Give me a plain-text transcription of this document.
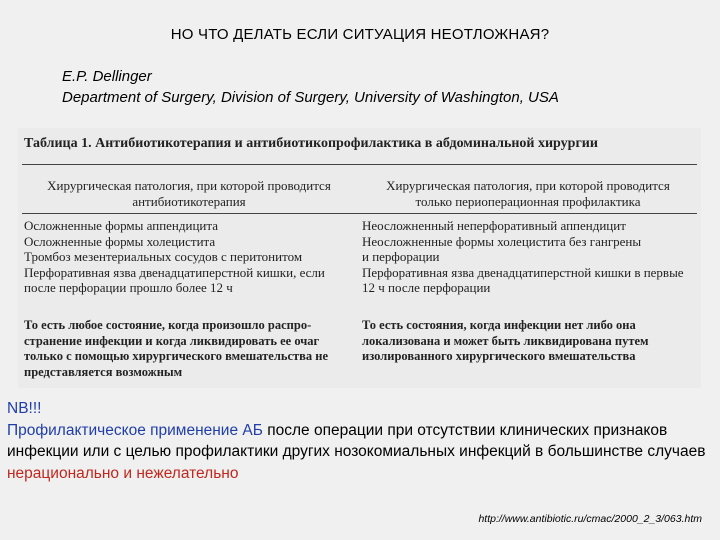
НО ЧТО ДЕЛАТЬ ЕСЛИ СИТУАЦИЯ НЕОТЛОЖНАЯ?
E.P. Dellinger
Department of Surgery, Division of Surgery, University of Washington, USA
Таблица 1. Антибиотикотерапия и антибиотикопрофилактика в абдоминальной хирургии
Хирургическая патология, при которой проводится
антибиотикотерапия
Хирургическая патология, при которой проводится
только периоперационная профилактика
Осложненные формы аппендицита
Осложненные формы холецистита
Тромбоз мезентериальных сосудов с перитонитом
Перфоративная язва двенадцатиперстной кишки, если
после перфорации прошло более 12 ч
Неосложненный неперфоративный аппендицит
Неосложненные формы холецистита без гангрены
и перфорации
Перфоративная язва двенадцатиперстной кишки в первые
12 ч после перфорации
То есть любое состояние, когда произошло распро-
странение инфекции и когда ликвидировать ее очаг
только с помощью хирургического вмешательства не
представляется возможным
То есть состояния, когда инфекции нет либо она
локализована и может быть ликвидирована путем
изолированного хирургического вмешательства
NB!!!
Профилактическое применение АБ после операции при отсутствии клинических признаков инфекции или с целью профилактики других нозокомиальных инфекций в большинстве случаев нерационально и нежелательно
http://www.antibiotic.ru/cmac/2000_2_3/063.htm
